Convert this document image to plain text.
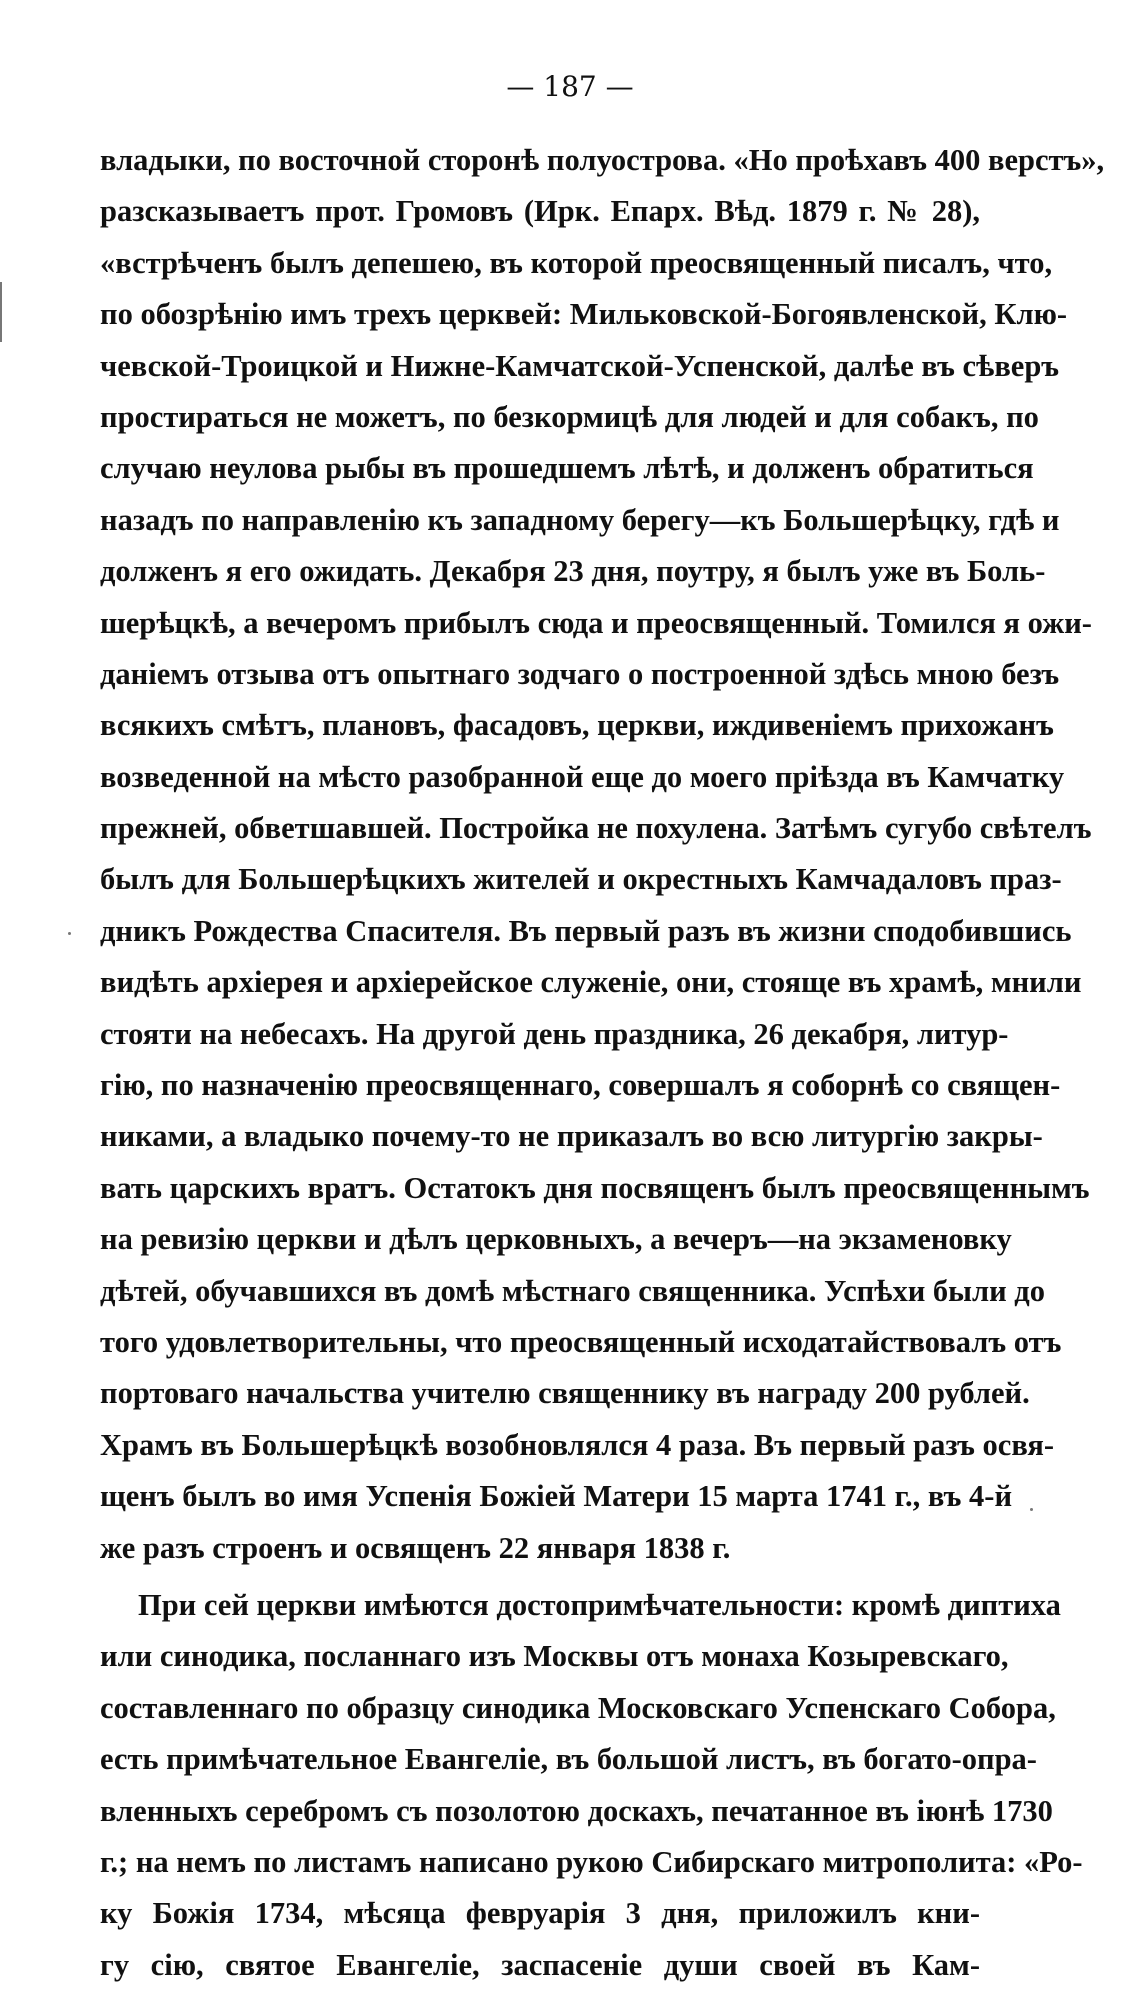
— 187 —
владыки, по восточной сторонѣ полуострова. «Но проѣхавъ 400 верстъ»,
разсказываетъ прот. Громовъ (Ирк. Епарх. Вѣд. 1879 г. № 28),
«встрѣченъ былъ депешею, въ которой преосвященный писалъ, что,
по обозрѣнію имъ трехъ церквей: Мильковской-Богоявленской, Клю-
чевской-Троицкой и Нижне-Камчатской-Успенской, далѣе въ сѣверъ
простираться не можетъ, по безкормицѣ для людей и для собакъ, по
случаю неулова рыбы въ прошедшемъ лѣтѣ, и долженъ обратиться
назадъ по направленію къ западному берегу—къ Большерѣцку, гдѣ и
долженъ я его ожидать. Декабря 23 дня, поутру, я былъ уже въ Боль-
шерѣцкѣ, а вечеромъ прибылъ сюда и преосвященный. Томился я ожи-
даніемъ отзыва отъ опытнаго зодчаго о построенной здѣсь мною безъ
всякихъ смѣтъ, плановъ, фасадовъ, церкви, иждивеніемъ прихожанъ
возведенной на мѣсто разобранной еще до моего пріѣзда въ Камчатку
прежней, обветшавшей. Постройка не похулена. Затѣмъ сугубо свѣтелъ
былъ для Большерѣцкихъ жителей и окрестныхъ Камчадаловъ праз-
дникъ Рождества Спасителя. Въ первый разъ въ жизни сподобившись
видѣть архіерея и архіерейское служеніе, они, стояще въ храмѣ, мнили
стояти на небесахъ. На другой день праздника, 26 декабря, литур-
гію, по назначенію преосвященнаго, совершалъ я соборнѣ со священ-
никами, а владыко почему-то не приказалъ во всю литургію закры-
вать царскихъ вратъ. Остатокъ дня посвященъ былъ преосвященнымъ
на ревизію церкви и дѣлъ церковныхъ, а вечеръ—на экзаменовку
дѣтей, обучавшихся въ домѣ мѣстнаго священника. Успѣхи были до
того удовлетворительны, что преосвященный исходатайствовалъ отъ
портоваго начальства учителю священнику въ награду 200 рублей.
Храмъ въ Большерѣцкѣ возобновлялся 4 раза. Въ первый разъ освя-
щенъ былъ во имя Успенія Божіей Матери 15 марта 1741 г., въ 4-й
же разъ строенъ и освященъ 22 января 1838 г.
При сей церкви имѣются достопримѣчательности: кромѣ диптиха
или синодика, посланнаго изъ Москвы отъ монаха Козыревскаго,
составленнаго по образцу синодика Московскаго Успенскаго Собора,
есть примѣчательное Евангеліе, въ большой листъ, въ богато-опра-
вленныхъ серебромъ съ позолотою доскахъ, печатанное въ іюнѣ 1730
г.; на немъ по листамъ написано рукою Сибирскаго митрополита: «Ро-
ку Божія 1734, мѣсяца февруарія 3 дня, приложилъ кни-
гу сію, святое Евангеліе, заспасеніе души своей въ Кам-
